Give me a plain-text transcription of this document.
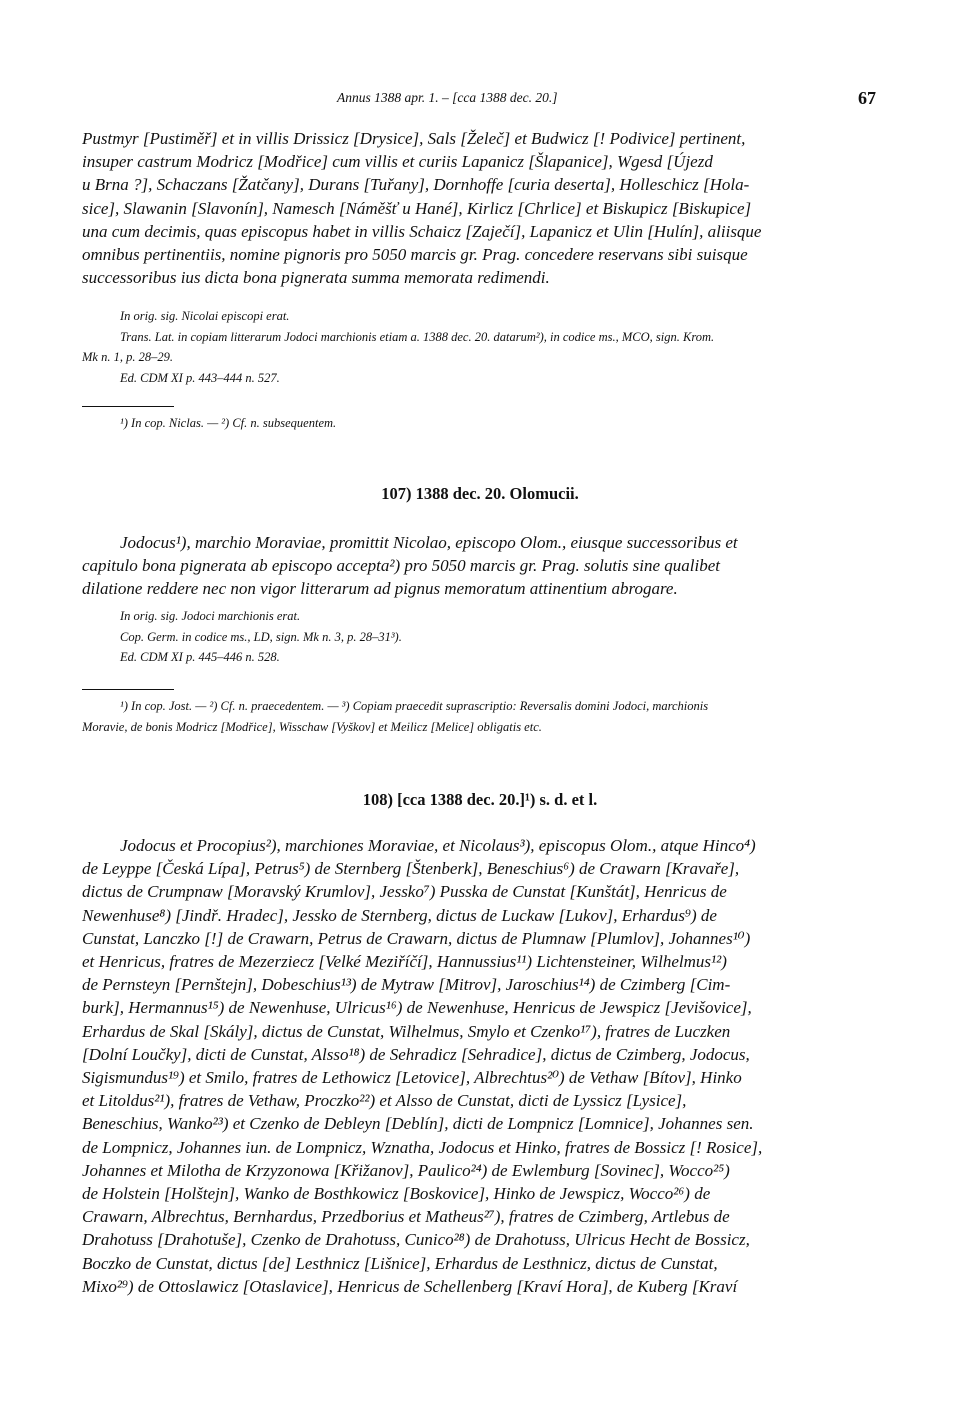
Annus 1388 apr. 1. – [cca 1388 dec. 20.]	67
Pustmyr [Pustiměř] et in villis Drissicz [Drysice], Sals [Želeč] et Budwicz [! Podivice] pertinent,
insuper castrum Modricz [Modřice] cum villis et curiis Lapanicz [Šlapanice], Wgesd [Újezd
u Brna ?], Schaczans [Žatčany], Durans [Tuřany], Dornhoffe [curia deserta], Holleschicz [Hola-
sice], Slawanin [Slavonín], Namesch [Náměšť u Hané], Kirlicz [Chrlice] et Biskupicz [Biskupice]
una cum decimis, quas episcopus habet in villis Schaicz [Zaječí], Lapanicz et Ulin [Hulín], aliisque
omnibus pertinentiis, nomine pignoris pro 5050 marcis gr. Prag. concedere reservans sibi suisque
successoribus ius dicta bona pignerata summa memorata redimendi.
In orig. sig. Nicolai episcopi erat.
Trans. Lat. in copiam litterarum Jodoci marchionis etiam a. 1388 dec. 20. datarum²), in codice ms., MCO, sign. Krom.
Mk n. 1, p. 28–29.
Ed. CDM XI p. 443–444 n. 527.
¹) In cop. Niclas. — ²) Cf. n. subsequentem.
107) 1388 dec. 20. Olomucii.
Jodocus¹), marchio Moraviae, promittit Nicolao, episcopo Olom., eiusque successoribus et
capitulo bona pignerata ab episcopo accepta²) pro 5050 marcis gr. Prag. solutis sine qualibet
dilatione reddere nec non vigor litterarum ad pignus memoratum attinentium abrogare.
In orig. sig. Jodoci marchionis erat.
Cop. Germ. in codice ms., LD, sign. Mk n. 3, p. 28–31³).
Ed. CDM XI p. 445–446 n. 528.
¹) In cop. Jost. — ²) Cf. n. praecedentem. — ³) Copiam praecedit suprascriptio: Reversalis domini Jodoci, marchionis
Moravie, de bonis Modricz [Modřice], Wisschaw [Vyškov] et Meilicz [Melice] obligatis etc.
108) [cca 1388 dec. 20.]¹) s. d. et l.
Jodocus et Procopius²), marchiones Moraviae, et Nicolaus³), episcopus Olom., atque Hinco⁴)
de Leyppe [Česká Lípa], Petrus⁵) de Sternberg [Štenberk], Beneschius⁶) de Crawarn [Kravaře],
dictus de Crumpnaw [Moravský Krumlov], Jessko⁷) Pusska de Cunstat [Kunštát], Henricus de
Newenhuse⁸) [Jindř. Hradec], Jessko de Sternberg, dictus de Luckaw [Lukov], Erhardus⁹) de
Cunstat, Lanczko [!] de Crawarn, Petrus de Crawarn, dictus de Plumnaw [Plumlov], Johannes¹⁰)
et Henricus, fratres de Mezerziecz [Velké Meziříčí], Hannussius¹¹) Lichtensteiner, Wilhelmus¹²)
de Pernsteyn [Pernštejn], Dobeschius¹³) de Mytraw [Mitrov], Jaroschius¹⁴) de Czimberg [Cim-
burk], Hermannus¹⁵) de Newenhuse, Ulricus¹⁶) de Newenhuse, Henricus de Jewspicz [Jevišovice],
Erhardus de Skal [Skály], dictus de Cunstat, Wilhelmus, Smylo et Czenko¹⁷), fratres de Luczken
[Dolní Loučky], dicti de Cunstat, Alsso¹⁸) de Sehradicz [Sehradice], dictus de Czimberg, Jodocus,
Sigismundus¹⁹) et Smilo, fratres de Lethowicz [Letovice], Albrechtus²⁰) de Vethaw [Bítov], Hinko
et Litoldus²¹), fratres de Vethaw, Proczko²²) et Alsso de Cunstat, dicti de Lyssicz [Lysice],
Beneschius, Wanko²³) et Czenko de Debleyn [Deblín], dicti de Lompnicz [Lomnice], Johannes sen.
de Lompnicz, Johannes iun. de Lompnicz, Wznatha, Jodocus et Hinko, fratres de Bossicz [! Rosice],
Johannes et Milotha de Krzyzonowa [Křižanov], Paulico²⁴) de Ewlemburg [Sovinec], Wocco²⁵)
de Holstein [Holštejn], Wanko de Bosthkowicz [Boskovice], Hinko de Jewspicz, Wocco²⁶) de
Crawarn, Albrechtus, Bernhardus, Przedborius et Matheus²⁷), fratres de Czimberg, Artlebus de
Drahotuss [Drahotuše], Czenko de Drahotuss, Cunico²⁸) de Drahotuss, Ulricus Hecht de Bossicz,
Boczko de Cunstat, dictus [de] Lesthnicz [Lišnice], Erhardus de Lesthnicz, dictus de Cunstat,
Mixo²⁹) de Ottoslawicz [Otaslavice], Henricus de Schellenberg [Kraví Hora], de Kuberg [Kraví
